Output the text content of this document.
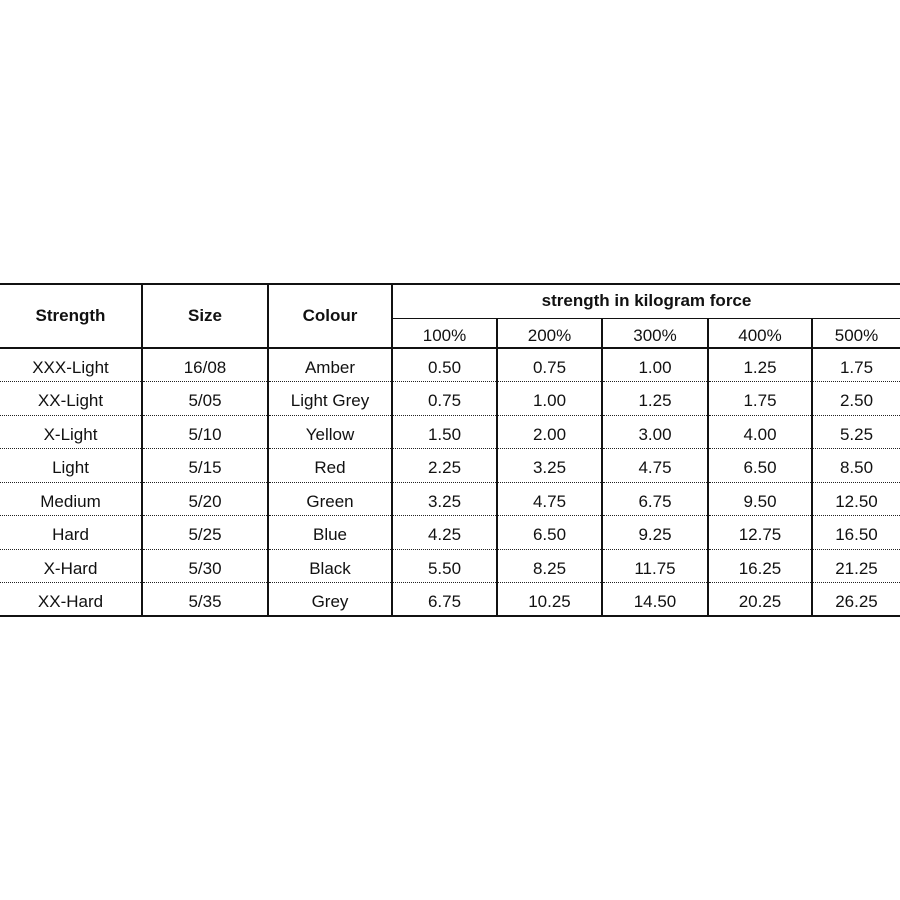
Strength	Size	Colour	strength in kilogram force				
			100%	200%	300%	400%	500%
XXX-Light	16/08	Amber	0.50	0.75	1.00	1.25	1.75
XX-Light	5/05	Light Grey	0.75	1.00	1.25	1.75	2.50
X-Light	5/10	Yellow	1.50	2.00	3.00	4.00	5.25
Light	5/15	Red	2.25	3.25	4.75	6.50	8.50
Medium	5/20	Green	3.25	4.75	6.75	9.50	12.50
Hard	5/25	Blue	4.25	6.50	9.25	12.75	16.50
X-Hard	5/30	Black	5.50	8.25	11.75	16.25	21.25
XX-Hard	5/35	Grey	6.75	10.25	14.50	20.25	26.25
